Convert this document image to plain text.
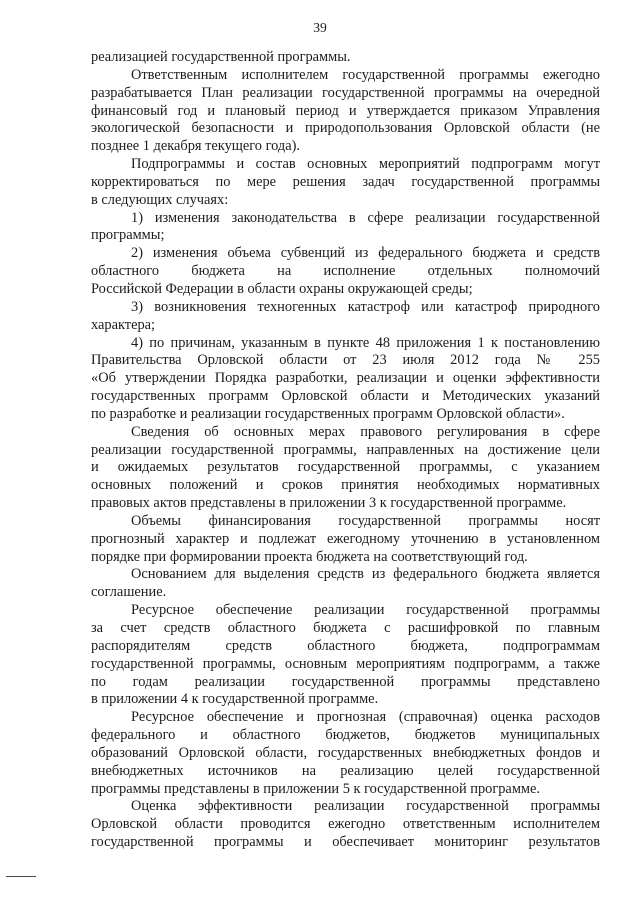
39
реализацией государственной программы.
Ответственным исполнителем государственной программы ежегодно
разрабатывается План реализации государственной программы на очередной
финансовый год и плановый период и утверждается приказом Управления
экологической безопасности и природопользования Орловской области (не
позднее 1 декабря текущего года).
Подпрограммы и состав основных мероприятий подпрограмм могут
корректироваться по мере решения задач государственной программы
в следующих случаях:
1) изменения законодательства в сфере реализации государственной
программы;
2) изменения объема субвенций из федерального бюджета и средств
областного бюджета на исполнение отдельных полномочий
Российской Федерации в области охраны окружающей среды;
3) возникновения техногенных катастроф или катастроф природного
характера;
4) по причинам, указанным в пункте 48 приложения 1 к постановлению
Правительства Орловской области от 23 июля 2012 года № 255
«Об утверждении Порядка разработки, реализации и оценки эффективности
государственных программ Орловской области и Методических указаний
по разработке и реализации государственных программ Орловской области».
Сведения об основных мерах правового регулирования в сфере
реализации государственной программы, направленных на достижение цели
и ожидаемых результатов государственной программы, с указанием
основных положений и сроков принятия необходимых нормативных
правовых актов представлены в приложении 3 к государственной программе.
Объемы финансирования государственной программы носят
прогнозный характер и подлежат ежегодному уточнению в установленном
порядке при формировании проекта бюджета на соответствующий год.
Основанием для выделения средств из федерального бюджета является
соглашение.
Ресурсное обеспечение реализации государственной программы
за счет средств областного бюджета с расшифровкой по главным
распорядителям средств областного бюджета, подпрограммам
государственной программы, основным мероприятиям подпрограмм, а также
по годам реализации государственной программы представлено
в приложении 4 к государственной программе.
Ресурсное обеспечение и прогнозная (справочная) оценка расходов
федерального и областного бюджетов, бюджетов муниципальных
образований Орловской области, государственных внебюджетных фондов и
внебюджетных источников на реализацию целей государственной
программы представлены в приложении 5 к государственной программе.
Оценка эффективности реализации государственной программы
Орловской области проводится ежегодно ответственным исполнителем
государственной программы и обеспечивает мониторинг результатов
